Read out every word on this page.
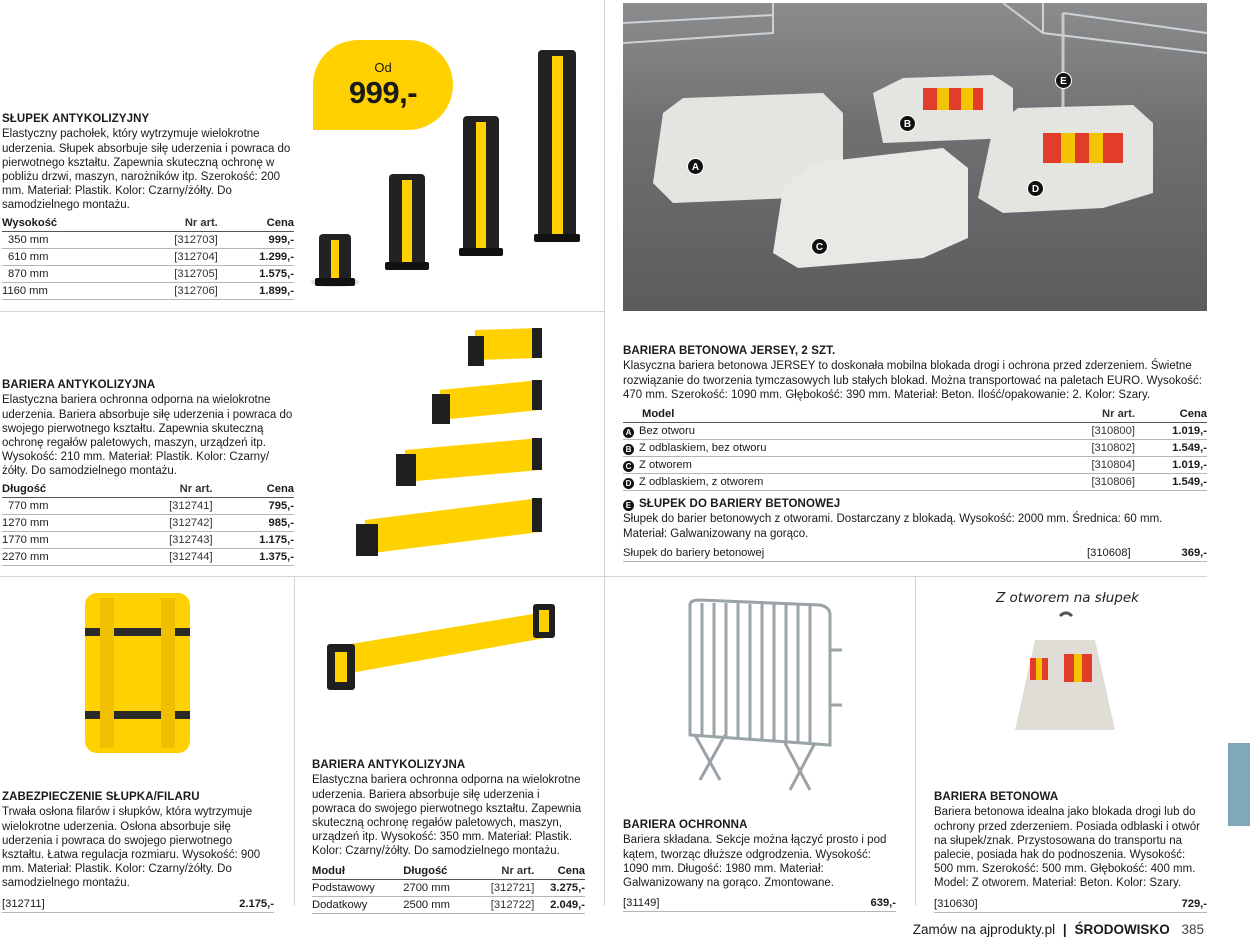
Od
999,-
SŁUPEK ANTYKOLIZYJNY
Elastyczny pachołek, który wytrzymuje wielokrotne uderzenia. Słupek absorbuje siłę uderzenia i powraca do pierwotnego kształtu. Zapewnia skuteczną ochronę w pobliżu drzwi, maszyn, narożników itp. Szerokość: 200 mm. Materiał: Plastik. Kolor: Czarny/żółty. Do samodzielnego montażu.
Wysokość	Nr art.	Cena
350 mm	[312703]	999,-
610 mm	[312704]	1.299,-
870 mm	[312705]	1.575,-
1160 mm	[312706]	1.899,-
A
B
C
D
E
BARIERA ANTYKOLIZYJNA
Elastyczna bariera ochronna odporna na wielokrotne uderzenia. Bariera absorbuje siłę uderzenia i powraca do swojego pierwotnego kształtu. Zapewnia skuteczną ochronę regałów paletowych, maszyn, urządzeń itp. Wysokość: 210 mm. Materiał: Plastik. Kolor: Czarny/żółty. Do samodzielnego montażu.
Długość	Nr art.	Cena
770 mm	[312741]	795,-
1270 mm	[312742]	985,-
1770 mm	[312743]	1.175,-
2270 mm	[312744]	1.375,-
BARIERA BETONOWA JERSEY, 2 SZT.
Klasyczna bariera betonowa JERSEY to doskonała mobilna blokada drogi i ochrona przed zderzeniem. Świetne rozwiązanie do tworzenia tymczasowych lub stałych blokad. Można transportować na paletach EURO. Wysokość: 470 mm. Szerokość: 1090 mm. Głębokość: 390 mm. Materiał: Beton. Ilość/opakowanie: 2. Kolor: Szary.
Model	Nr art.	Cena
A Bez otworu	[310800]	1.019,-
B Z odblaskiem, bez otworu	[310802]	1.549,-
C Z otworem	[310804]	1.019,-
D Z odblaskiem, z otworem	[310806]	1.549,-
E SŁUPEK DO BARIERY BETONOWEJ
Słupek do barier betonowych z otworami. Dostarczany z blokadą. Wysokość: 2000 mm. Średnica: 60 mm. Materiał: Galwanizowany na gorąco.
Słupek do bariery betonowej	[310608]	369,-
Z otworem na słupek
ZABEZPIECZENIE SŁUPKA/FILARU
Trwała osłona filarów i słupków, która wytrzymuje wielokrotne uderzenia. Osłona absorbuje siłę uderzenia i powraca do swojego pierwotnego kształtu. Łatwa regulacja rozmiaru. Wysokość: 900 mm. Materiał: Plastik. Kolor: Czarny/żółty. Do samodzielnego montażu.
[312711]	2.175,-
BARIERA ANTYKOLIZYJNA
Elastyczna bariera ochronna odporna na wielokrotne uderzenia. Bariera absorbuje siłę uderzenia i powraca do swojego pierwotnego kształtu. Zapewnia skuteczną ochronę regałów paletowych, maszyn, urządzeń itp. Wysokość: 350 mm. Materiał: Plastik. Kolor: Czarny/żółty. Do samodzielnego montażu.
Moduł	Długość	Nr art.	Cena
Podstawowy	2700 mm	[312721]	3.275,-
Dodatkowy	2500 mm	[312722]	2.049,-
BARIERA OCHRONNA
Bariera składana. Sekcje można łączyć prosto i pod kątem, tworząc dłuższe odgrodzenia. Wysokość: 1090 mm. Długość: 1980 mm. Materiał: Galwanizowany na gorąco. Zmontowane.
[31149]	639,-
BARIERA BETONOWA
Bariera betonowa idealna jako blokada drogi lub do ochrony przed zderzeniem. Posiada odblaski i otwór na słupek/znak. Przystosowana do transportu na palecie, posiada hak do podnoszenia. Wysokość: 500 mm. Szerokość: 500 mm. Głębokość: 400 mm. Model: Z otworem. Materiał: Beton. Kolor: Szary.
[310630]	729,-
Zamów na ajprodukty.pl | ŚRODOWISKO 385
